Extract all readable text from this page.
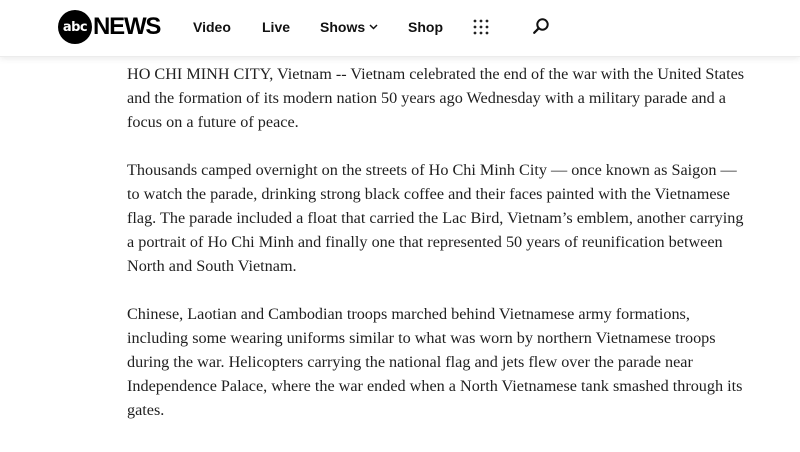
abc NEWS Video Live Shows	Shop

HO CHI MINH CITY, Vietnam -- Vietnam celebrated the end of the war with the United States and the formation of its modern nation 50 years ago Wednesday with a military parade and a focus on a future of peace.

Thousands camped overnight on the streets of Ho Chi Minh City — once known as Saigon — to watch the parade, drinking strong black coffee and their faces painted with the Vietnamese flag. The parade included a float that carried the Lac Bird, Vietnam’s emblem, another carrying a portrait of Ho Chi Minh and finally one that represented 50 years of reunification between North and South Vietnam.

Chinese, Laotian and Cambodian troops marched behind Vietnamese army formations, including some wearing uniforms similar to what was worn by northern Vietnamese troops during the war. Helicopters carrying the national flag and jets flew over the parade near Independence Palace, where the war ended when a North Vietnamese tank smashed through its gates.
